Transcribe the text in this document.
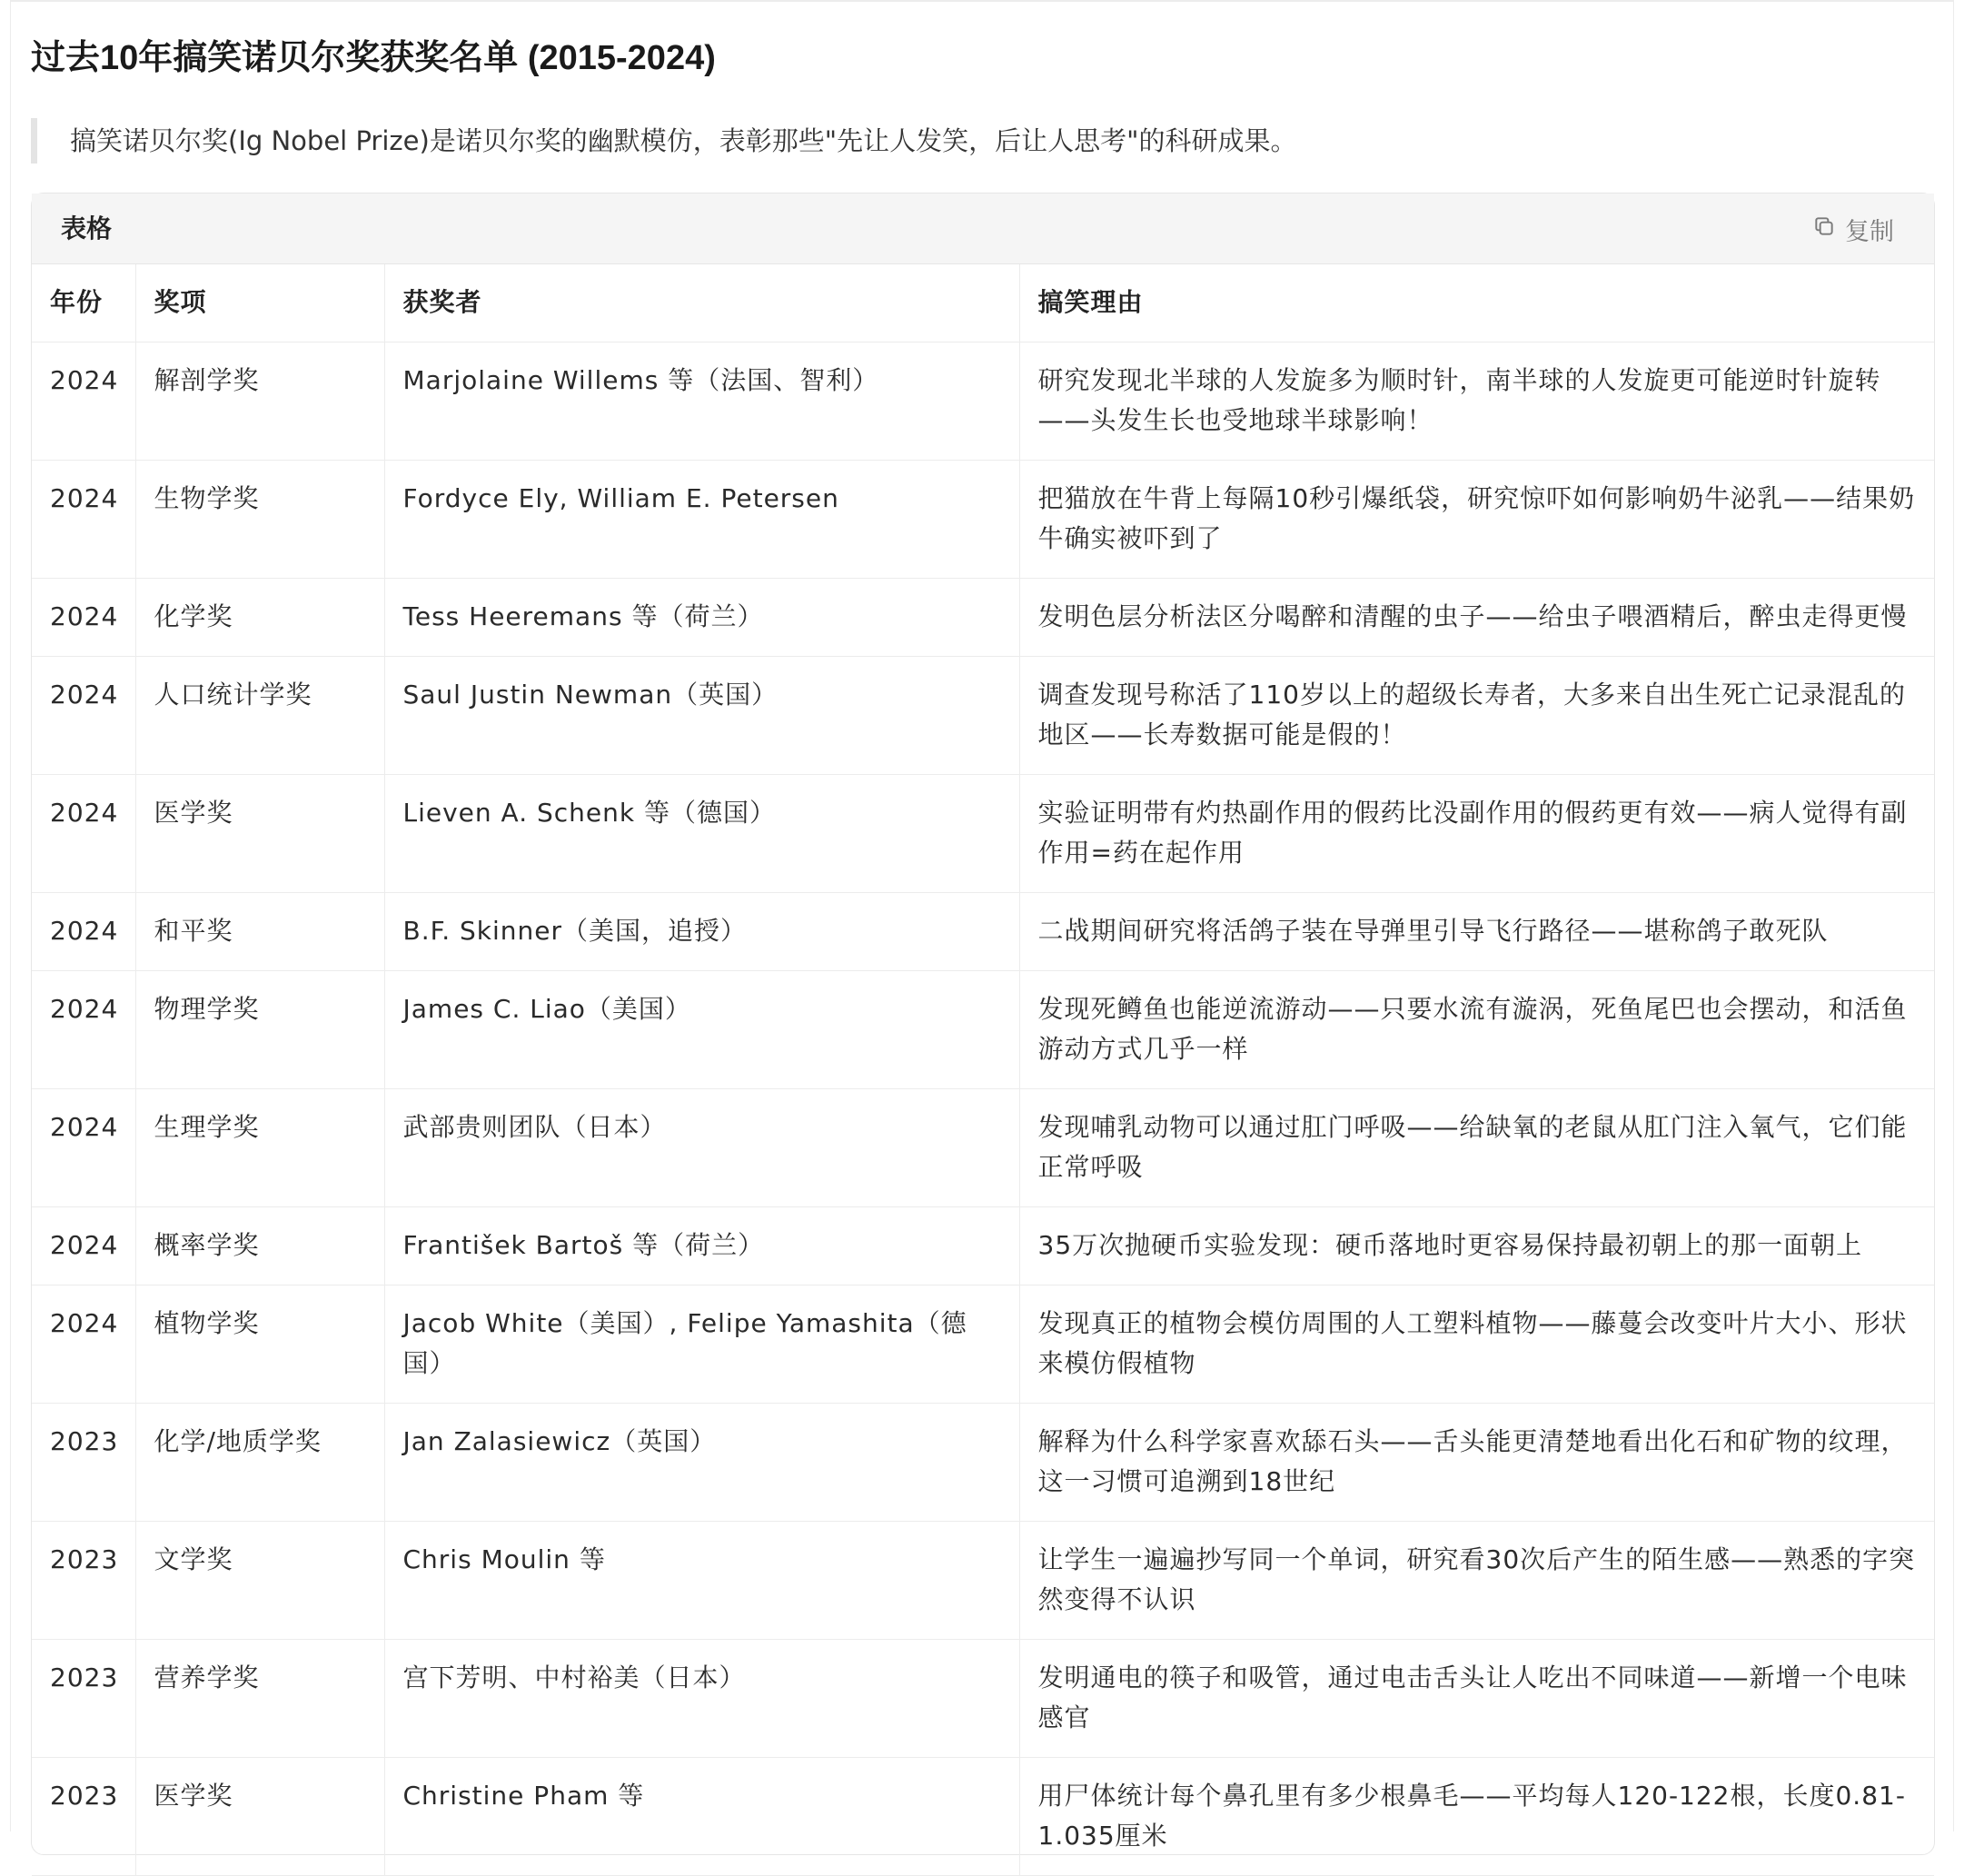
过去10年搞笑诺贝尔奖获奖名单 (2015-2024)
搞笑诺贝尔奖(Ig Nobel Prize)是诺贝尔奖的幽默模仿，表彰那些"先让人发笑，后让人思考"的科研成果。
表格	复制
年份	奖项	获奖者	搞笑理由
2024	解剖学奖	Marjolaine Willems 等（法国、智利）	研究发现北半球的人发旋多为顺时针，南半球的人发旋更可能逆时针旋转——头发生长也受地球半球影响！
2024	生物学奖	Fordyce Ely, William E. Petersen	把猫放在牛背上每隔10秒引爆纸袋，研究惊吓如何影响奶牛泌乳——结果奶牛确实被吓到了
2024	化学奖	Tess Heeremans 等（荷兰）	发明色层分析法区分喝醉和清醒的虫子——给虫子喂酒精后，醉虫走得更慢
2024	人口统计学奖	Saul Justin Newman（英国）	调查发现号称活了110岁以上的超级长寿者，大多来自出生死亡记录混乱的地区——长寿数据可能是假的！
2024	医学奖	Lieven A. Schenk 等（德国）	实验证明带有灼热副作用的假药比没副作用的假药更有效——病人觉得有副作用=药在起作用
2024	和平奖	B.F. Skinner（美国，追授）	二战期间研究将活鸽子装在导弹里引导飞行路径——堪称鸽子敢死队
2024	物理学奖	James C. Liao（美国）	发现死鳟鱼也能逆流游动——只要水流有漩涡，死鱼尾巴也会摆动，和活鱼游动方式几乎一样
2024	生理学奖	武部贵则团队（日本）	发现哺乳动物可以通过肛门呼吸——给缺氧的老鼠从肛门注入氧气，它们能正常呼吸
2024	概率学奖	František Bartoš 等（荷兰）	35万次抛硬币实验发现：硬币落地时更容易保持最初朝上的那一面朝上
2024	植物学奖	Jacob White（美国）, Felipe Yamashita（德国）	发现真正的植物会模仿周围的人工塑料植物——藤蔓会改变叶片大小、形状来模仿假植物
2023	化学/地质学奖	Jan Zalasiewicz（英国）	解释为什么科学家喜欢舔石头——舌头能更清楚地看出化石和矿物的纹理，这一习惯可追溯到18世纪
2023	文学奖	Chris Moulin 等	让学生一遍遍抄写同一个单词，研究看30次后产生的陌生感——熟悉的字突然变得不认识
2023	营养学奖	宫下芳明、中村裕美（日本）	发明通电的筷子和吸管，通过电击舌头让人吃出不同味道——新增一个电味感官
2023	医学奖	Christine Pham 等	用尸体统计每个鼻孔里有多少根鼻毛——平均每人120-122根，长度0.81-1.035厘米
